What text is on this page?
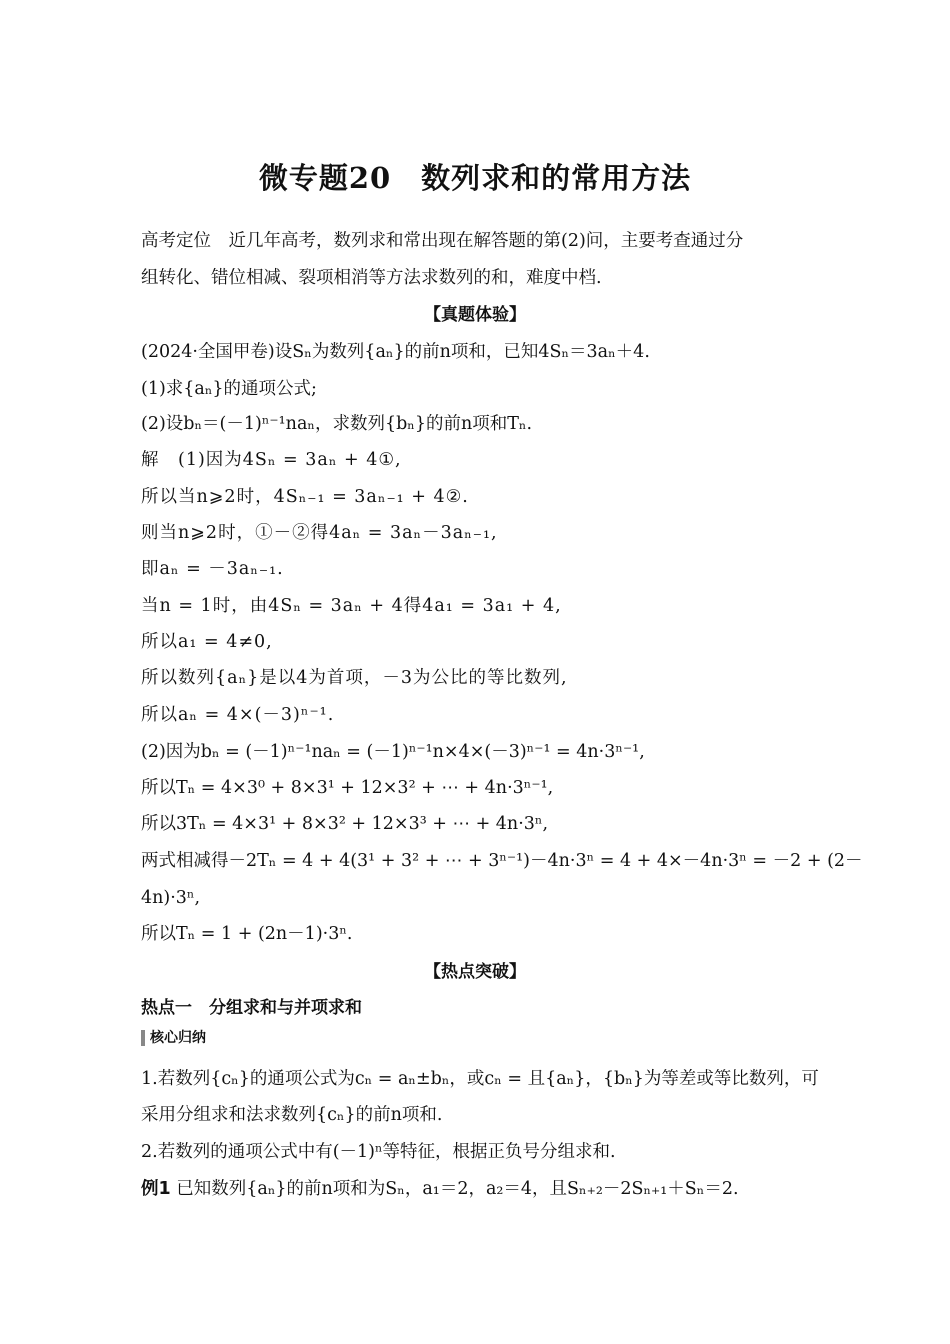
微专题20　数列求和的常用方法
高考定位　近几年高考，数列求和常出现在解答题的第(2)问，主要考查通过分
组转化、错位相减、裂项相消等方法求数列的和，难度中档.
【真题体验】
(2024·全国甲卷)设Sₙ为数列{aₙ}的前n项和，已知4Sₙ＝3aₙ＋4.
(1)求{aₙ}的通项公式;
(2)设bₙ＝(－1)ⁿ⁻¹naₙ，求数列{bₙ}的前n项和Tₙ.
解　(1)因为4Sₙ = 3aₙ + 4①,
所以当n⩾2时，4Sₙ₋₁ = 3aₙ₋₁ + 4②.
则当n⩾2时，①－②得4aₙ = 3aₙ－3aₙ₋₁,
即aₙ = －3aₙ₋₁.
当n = 1时，由4Sₙ = 3aₙ + 4得4a₁ = 3a₁ + 4,
所以a₁ = 4≠0,
所以数列{aₙ}是以4为首项，－3为公比的等比数列,
所以aₙ = 4×(－3)ⁿ⁻¹.
(2)因为bₙ = (－1)ⁿ⁻¹naₙ = (－1)ⁿ⁻¹n×4×(－3)ⁿ⁻¹ = 4n·3ⁿ⁻¹,
所以Tₙ = 4×3⁰ + 8×3¹ + 12×3² + ⋯ + 4n·3ⁿ⁻¹,
所以3Tₙ = 4×3¹ + 8×3² + 12×3³ + ⋯ + 4n·3ⁿ,
两式相减得－2Tₙ = 4 + 4(3¹ + 3² + ⋯ + 3ⁿ⁻¹)－4n·3ⁿ = 4 + 4×－4n·3ⁿ = －2 + (2－
4n)·3ⁿ,
所以Tₙ = 1 + (2n－1)·3ⁿ.
【热点突破】
热点一　分组求和与并项求和
核心归纳
1.若数列{cₙ}的通项公式为cₙ = aₙ±bₙ，或cₙ = 且{aₙ}，{bₙ}为等差或等比数列，可
采用分组求和法求数列{cₙ}的前n项和.
2.若数列的通项公式中有(－1)ⁿ等特征，根据正负号分组求和.
例1 已知数列{aₙ}的前n项和为Sₙ，a₁＝2，a₂＝4，且Sₙ₊₂－2Sₙ₊₁＋Sₙ＝2.
